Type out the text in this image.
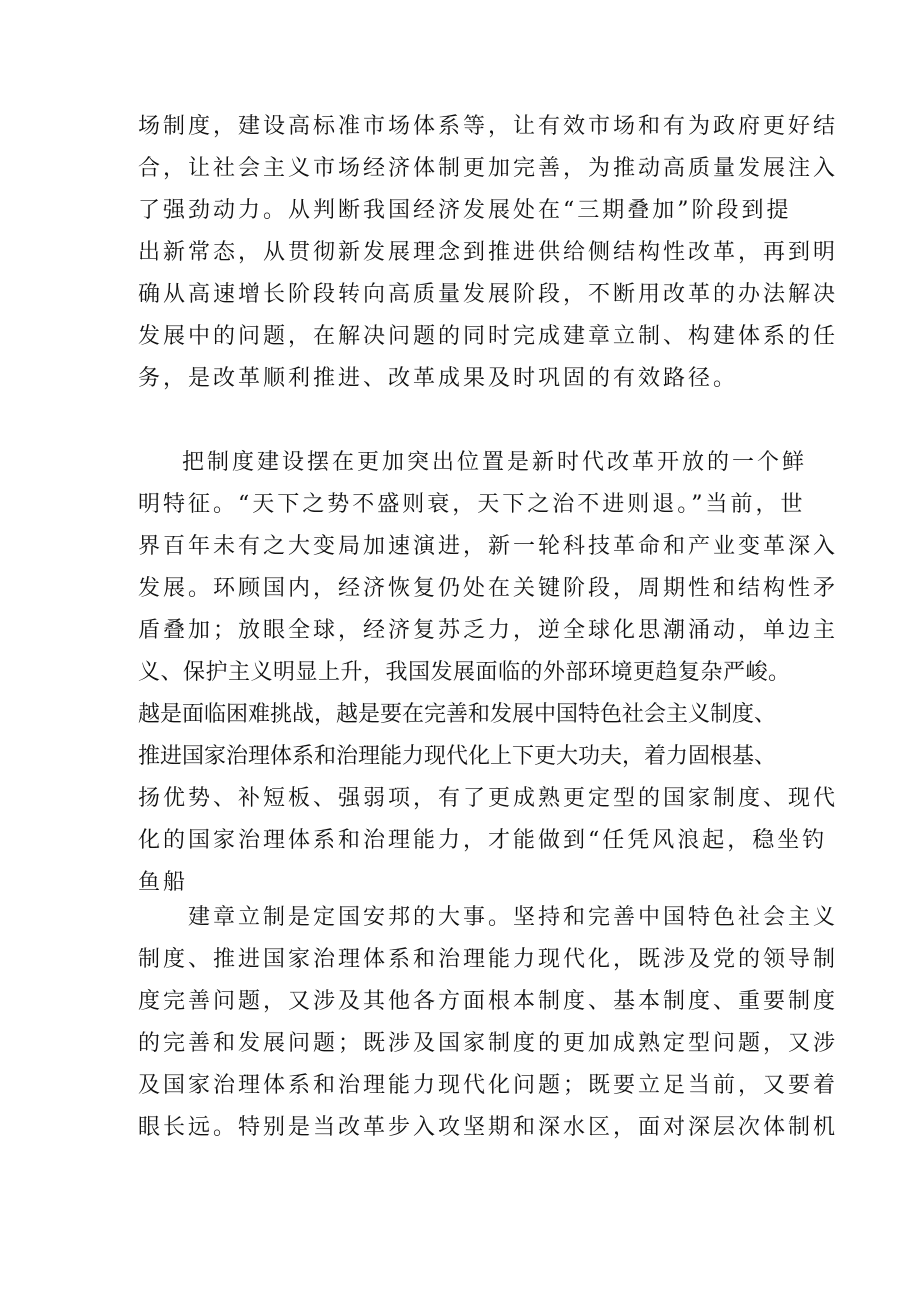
场制度，建设高标准市场体系等，让有效市场和有为政府更好结
合，让社会主义市场经济体制更加完善，为推动高质量发展注入
了强劲动力。从判断我国经济发展处在“三期叠加”阶段到提
出新常态，从贯彻新发展理念到推进供给侧结构性改革，再到明
确从高速增长阶段转向高质量发展阶段，不断用改革的办法解决
发展中的问题，在解决问题的同时完成建章立制、构建体系的任
务，是改革顺利推进、改革成果及时巩固的有效路径。
把制度建设摆在更加突出位置是新时代改革开放的一个鲜
明特征。“天下之势不盛则衰，天下之治不进则退。”当前，世
界百年未有之大变局加速演进，新一轮科技革命和产业变革深入
发展。环顾国内，经济恢复仍处在关键阶段，周期性和结构性矛
盾叠加；放眼全球，经济复苏乏力，逆全球化思潮涌动，单边主
义、保护主义明显上升，我国发展面临的外部环境更趋复杂严峻。
越是面临困难挑战，越是要在完善和发展中国特色社会主义制度、
推进国家治理体系和治理能力现代化上下更大功夫，着力固根基、
扬优势、补短板、强弱项，有了更成熟更定型的国家制度、现代
化的国家治理体系和治理能力，才能做到“任凭风浪起，稳坐钓
鱼船
建章立制是定国安邦的大事。坚持和完善中国特色社会主义
制度、推进国家治理体系和治理能力现代化，既涉及党的领导制
度完善问题，又涉及其他各方面根本制度、基本制度、重要制度
的完善和发展问题；既涉及国家制度的更加成熟定型问题，又涉
及国家治理体系和治理能力现代化问题；既要立足当前，又要着
眼长远。特别是当改革步入攻坚期和深水区，面对深层次体制机
